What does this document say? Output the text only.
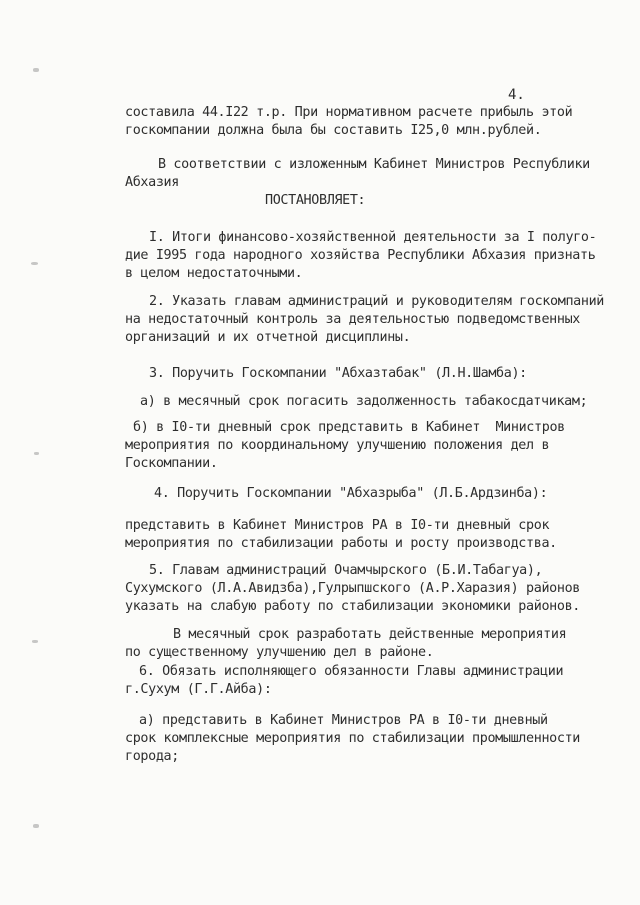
4.
составила 44.I22 т.р. При нормативном расчете прибыль этой
госкомпании должна была бы составить I25,0 млн.рублей.
В соответствии с изложенным Кабинет Министров Республики
Абхазия
ПОСТАНОВЛЯЕТ:
I. Итоги финансово-хозяйственной деятельности за I полуго-
дие I995 года народного хозяйства Республики Абхазия признать
в целом недостаточными.
2. Указать главам администраций и руководителям госкомпаний
на недостаточный контроль за деятельностью подведомственных
организаций и их отчетной дисциплины.
3. Поручить Госкомпании "Абхазтабак" (Л.Н.Шамба):
а) в месячный срок погасить задолженность табакосдатчикам;
б) в I0-ти дневный срок представить в Кабинет  Министров
мероприятия по координальному улучшению положения дел в
Госкомпании.
4. Поручить Госкомпании "Абхазрыба" (Л.Б.Ардзинба):
представить в Кабинет Министров РА в I0-ти дневный срок
мероприятия по стабилизации работы и росту производства.
5. Главам администраций Очамчырского (Б.И.Табагуа),
Сухумского (Л.А.Авидзба),Гулрыпшского (А.Р.Харазия) районов
указать на слабую работу по стабилизации экономики районов.
В месячный срок разработать действенные мероприятия
по существенному улучшению дел в районе.
6. Обязать исполняющего обязанности Главы администрации
г.Сухум (Г.Г.Айба):
а) представить в Кабинет Министров РА в I0-ти дневный
срок комплексные мероприятия по стабилизации промышленности
города;
